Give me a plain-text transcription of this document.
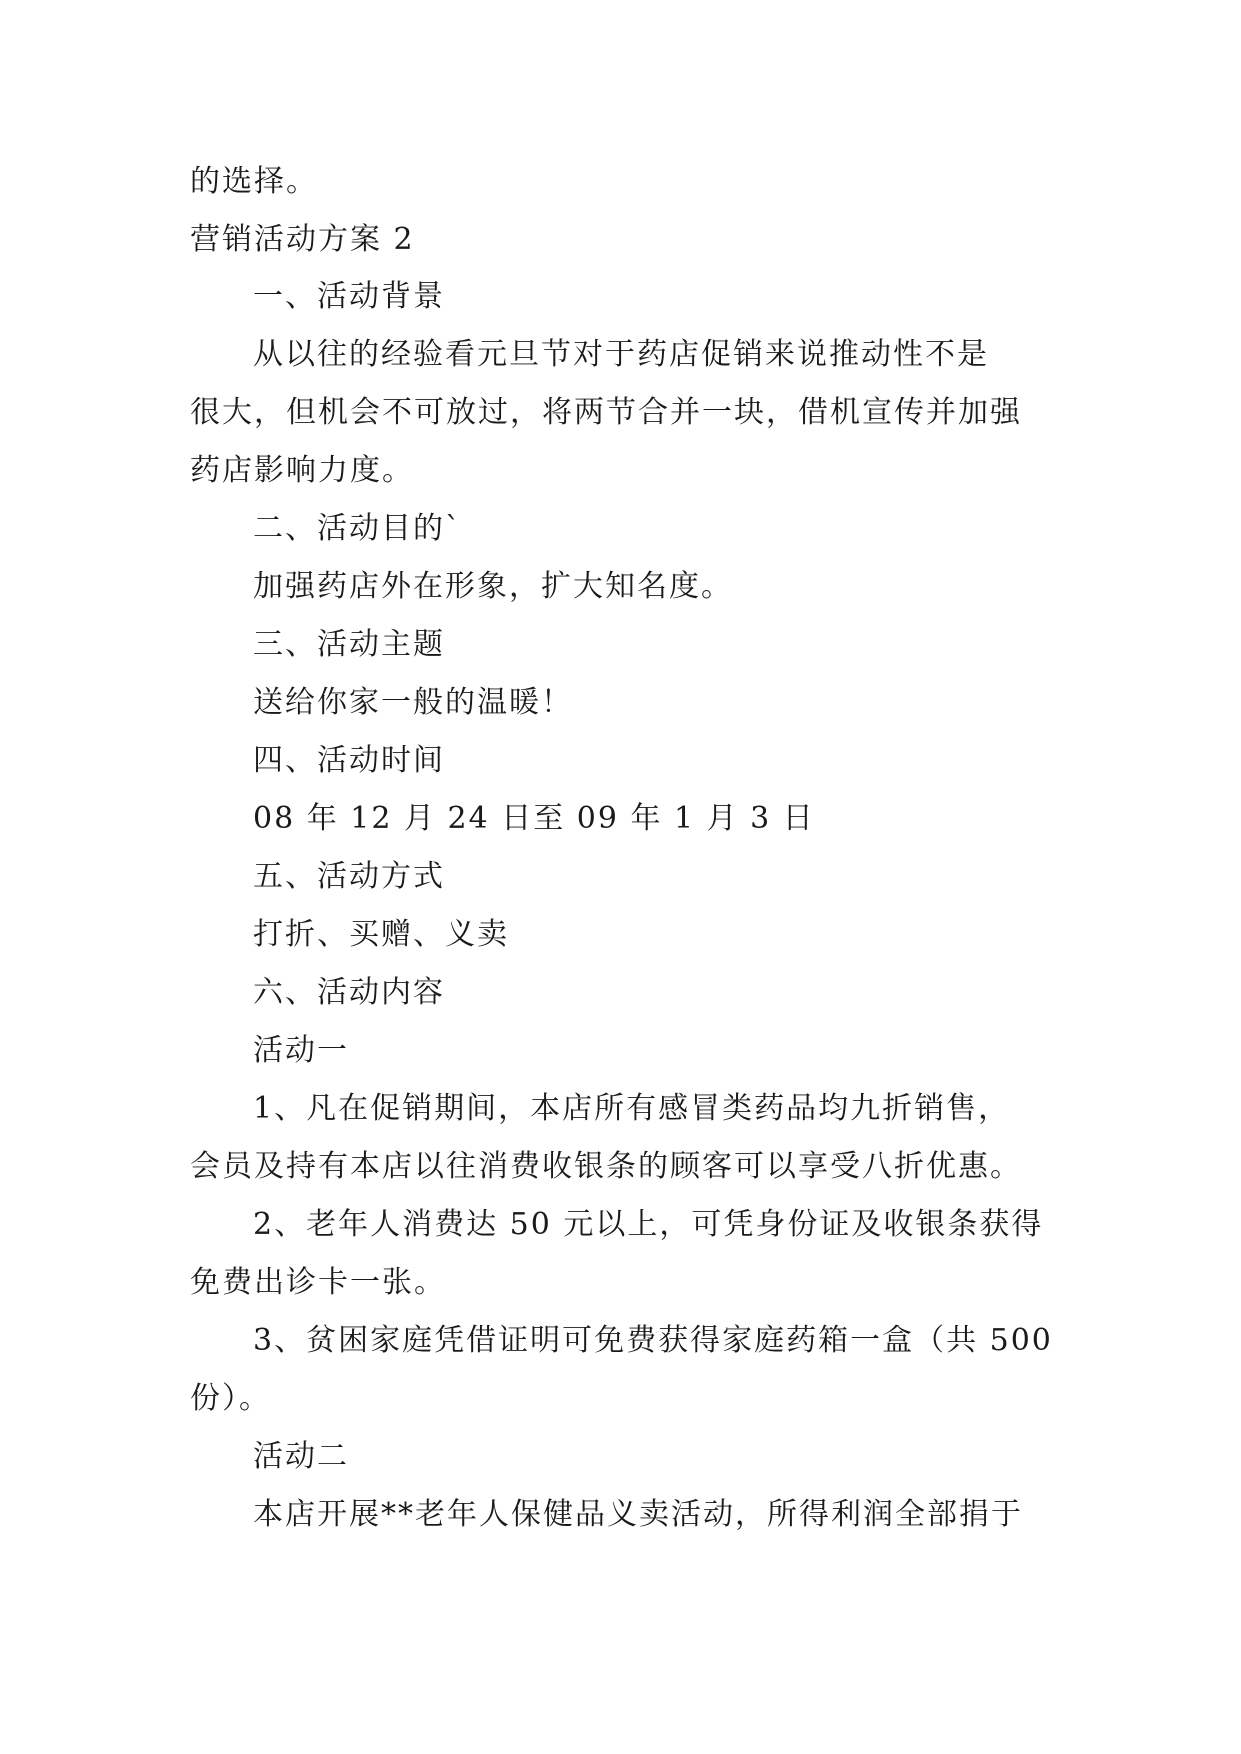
的选择。
营销活动方案 2
一、活动背景
从以往的经验看元旦节对于药店促销来说推动性不是
很大，但机会不可放过，将两节合并一块，借机宣传并加强
药店影响力度。
二、活动目的`
加强药店外在形象，扩大知名度。
三、活动主题
送给你家一般的温暖！
四、活动时间
08 年 12 月 24 日至 09 年 1 月 3 日
五、活动方式
打折、买赠、义卖
六、活动内容
活动一
1、凡在促销期间，本店所有感冒类药品均九折销售，
会员及持有本店以往消费收银条的顾客可以享受八折优惠。
2、老年人消费达 50 元以上，可凭身份证及收银条获得
免费出诊卡一张。
3、贫困家庭凭借证明可免费获得家庭药箱一盒（共 500
份）。
活动二
本店开展**老年人保健品义卖活动，所得利润全部捐于
